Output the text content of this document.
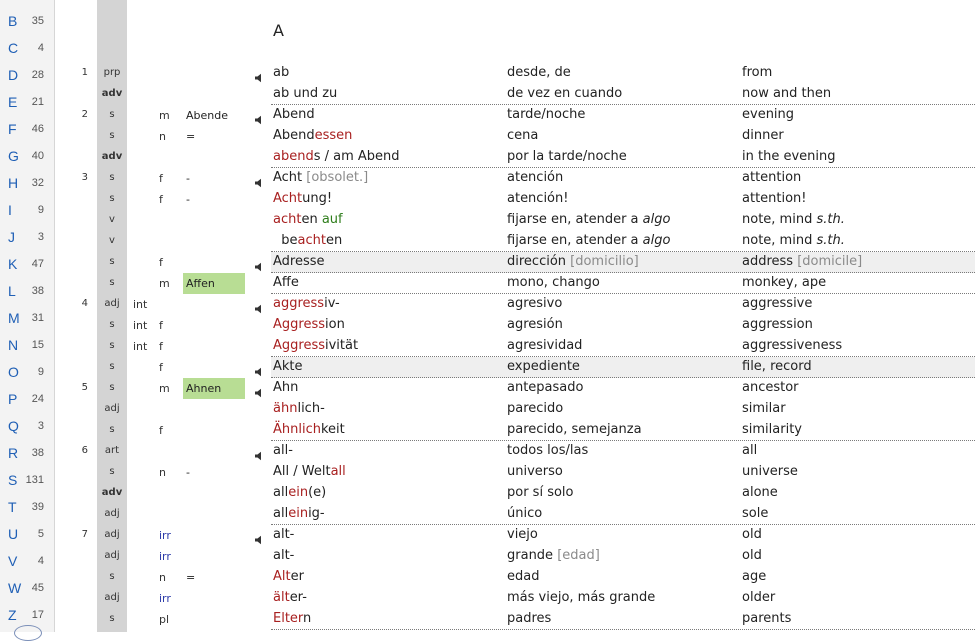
B 35
C 4
D 28
E 21
F 46
G 40
H 32
I 9
J 3
K 47
L 38
M 31
N 15
O 9
P 24
Q 3
R 38
S 131
T 39
U 5
V 4
W 45
Z 17
A
1	prp	ab	desde, de	from
adv	ab und zu	de vez en cuando	now and then
2	s	m Abende	Abend	tarde/noche	evening
s	n =	Abendessen	cena	dinner
adv	abends / am Abend	por la tarde/noche	in the evening
3	s	f -	Acht [obsolet.]	atención	attention
s	f -	Achtung!	atención!	attention!
v	achten auf	fijarse en, atender a algo	note, mind s.th.
v	beachten	fijarse en, atender a algo	note, mind s.th.
s	f	Adresse	dirección [domicilio]	address [domicile]
s	m Affen	Affe	mono, chango	monkey, ape
4	adj	int	aggressiv-	agresivo	aggressive
s	int f	Aggression	agresión	aggression
s	int f	Aggressivität	agresividad	aggressiveness
s	f	Akte	expediente	file, record
5	s	m Ahnen	Ahn	antepasado	ancestor
adj	ähnlich-	parecido	similar
s	f	Ähnlichkeit	parecido, semejanza	similarity
6	art	all-	todos los/las	all
s	n -	All / Weltall	universo	universe
adv	allein(e)	por sí solo	alone
adj	alleinig-	único	sole
7	adj	irr	alt-	viejo	old
adj	irr	alt-	grande [edad]	old
s	n =	Alter	edad	age
adj	irr	älter-	más viejo, más grande	older
s	pl	Eltern	padres	parents
